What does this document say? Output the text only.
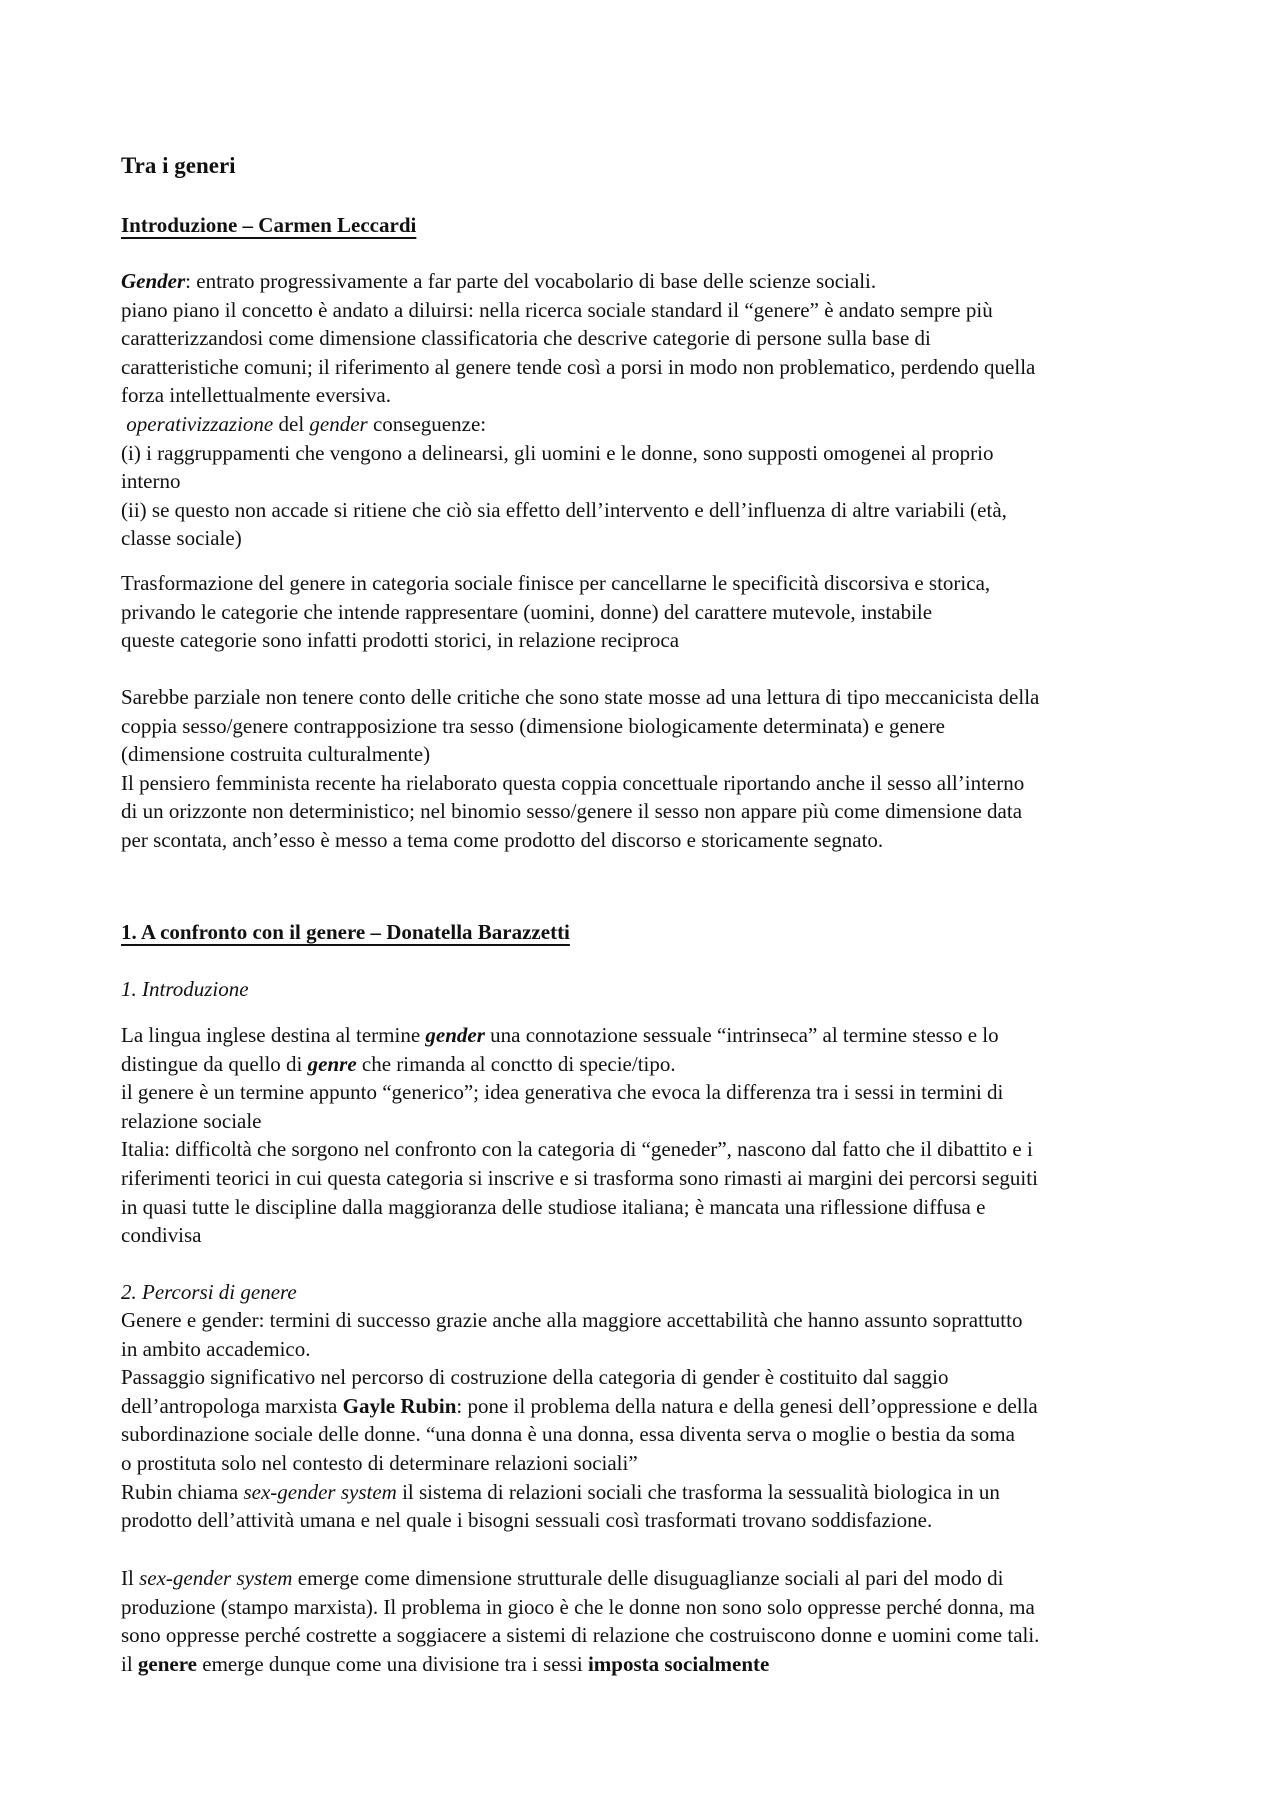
Tra i generi
Introduzione – Carmen Leccardi
Gender: entrato progressivamente a far parte del vocabolario di base delle scienze sociali.
piano piano il concetto è andato a diluirsi: nella ricerca sociale standard il “genere” è andato sempre più
caratterizzandosi come dimensione classificatoria che descrive categorie di persone sulla base di
caratteristiche comuni; il riferimento al genere tende così a porsi in modo non problematico, perdendo quella
forza intellettualmente eversiva.
operativizzazione del gender conseguenze:
(i) i raggruppamenti che vengono a delinearsi, gli uomini e le donne, sono supposti omogenei al proprio
interno
(ii) se questo non accade si ritiene che ciò sia effetto dell’intervento e dell’influenza di altre variabili (età,
classe sociale)
Trasformazione del genere in categoria sociale finisce per cancellarne le specificità discorsiva e storica,
privando le categorie che intende rappresentare (uomini, donne) del carattere mutevole, instabile
queste categorie sono infatti prodotti storici, in relazione reciproca
Sarebbe parziale non tenere conto delle critiche che sono state mosse ad una lettura di tipo meccanicista della
coppia sesso/genere contrapposizione tra sesso (dimensione biologicamente determinata) e genere
(dimensione costruita culturalmente)
Il pensiero femminista recente ha rielaborato questa coppia concettuale riportando anche il sesso all’interno
di un orizzonte non deterministico; nel binomio sesso/genere il sesso non appare più come dimensione data
per scontata, anch’esso è messo a tema come prodotto del discorso e storicamente segnato.
1. A confronto con il genere – Donatella Barazzetti
1. Introduzione
La lingua inglese destina al termine gender una connotazione sessuale “intrinseca” al termine stesso e lo
distingue da quello di genre che rimanda al conctto di specie/tipo.
il genere è un termine appunto “generico”; idea generativa che evoca la differenza tra i sessi in termini di
relazione sociale
Italia: difficoltà che sorgono nel confronto con la categoria di “geneder”, nascono dal fatto che il dibattito e i
riferimenti teorici in cui questa categoria si inscrive e si trasforma sono rimasti ai margini dei percorsi seguiti
in quasi tutte le discipline dalla maggioranza delle studiose italiana; è mancata una riflessione diffusa e
condivisa
2. Percorsi di genere
Genere e gender: termini di successo grazie anche alla maggiore accettabilità che hanno assunto soprattutto
in ambito accademico.
Passaggio significativo nel percorso di costruzione della categoria di gender è costituito dal saggio
dell’antropologa marxista Gayle Rubin: pone il problema della natura e della genesi dell’oppressione e della
subordinazione sociale delle donne. “una donna è una donna, essa diventa serva o moglie o bestia da soma
o prostituta solo nel contesto di determinare relazioni sociali”
Rubin chiama sex-gender system il sistema di relazioni sociali che trasforma la sessualità biologica in un
prodotto dell’attività umana e nel quale i bisogni sessuali così trasformati trovano soddisfazione.
Il sex-gender system emerge come dimensione strutturale delle disuguaglianze sociali al pari del modo di
produzione (stampo marxista). Il problema in gioco è che le donne non sono solo oppresse perché donna, ma
sono oppresse perché costrette a soggiacere a sistemi di relazione che costruiscono donne e uomini come tali.
il genere emerge dunque come una divisione tra i sessi imposta socialmente
